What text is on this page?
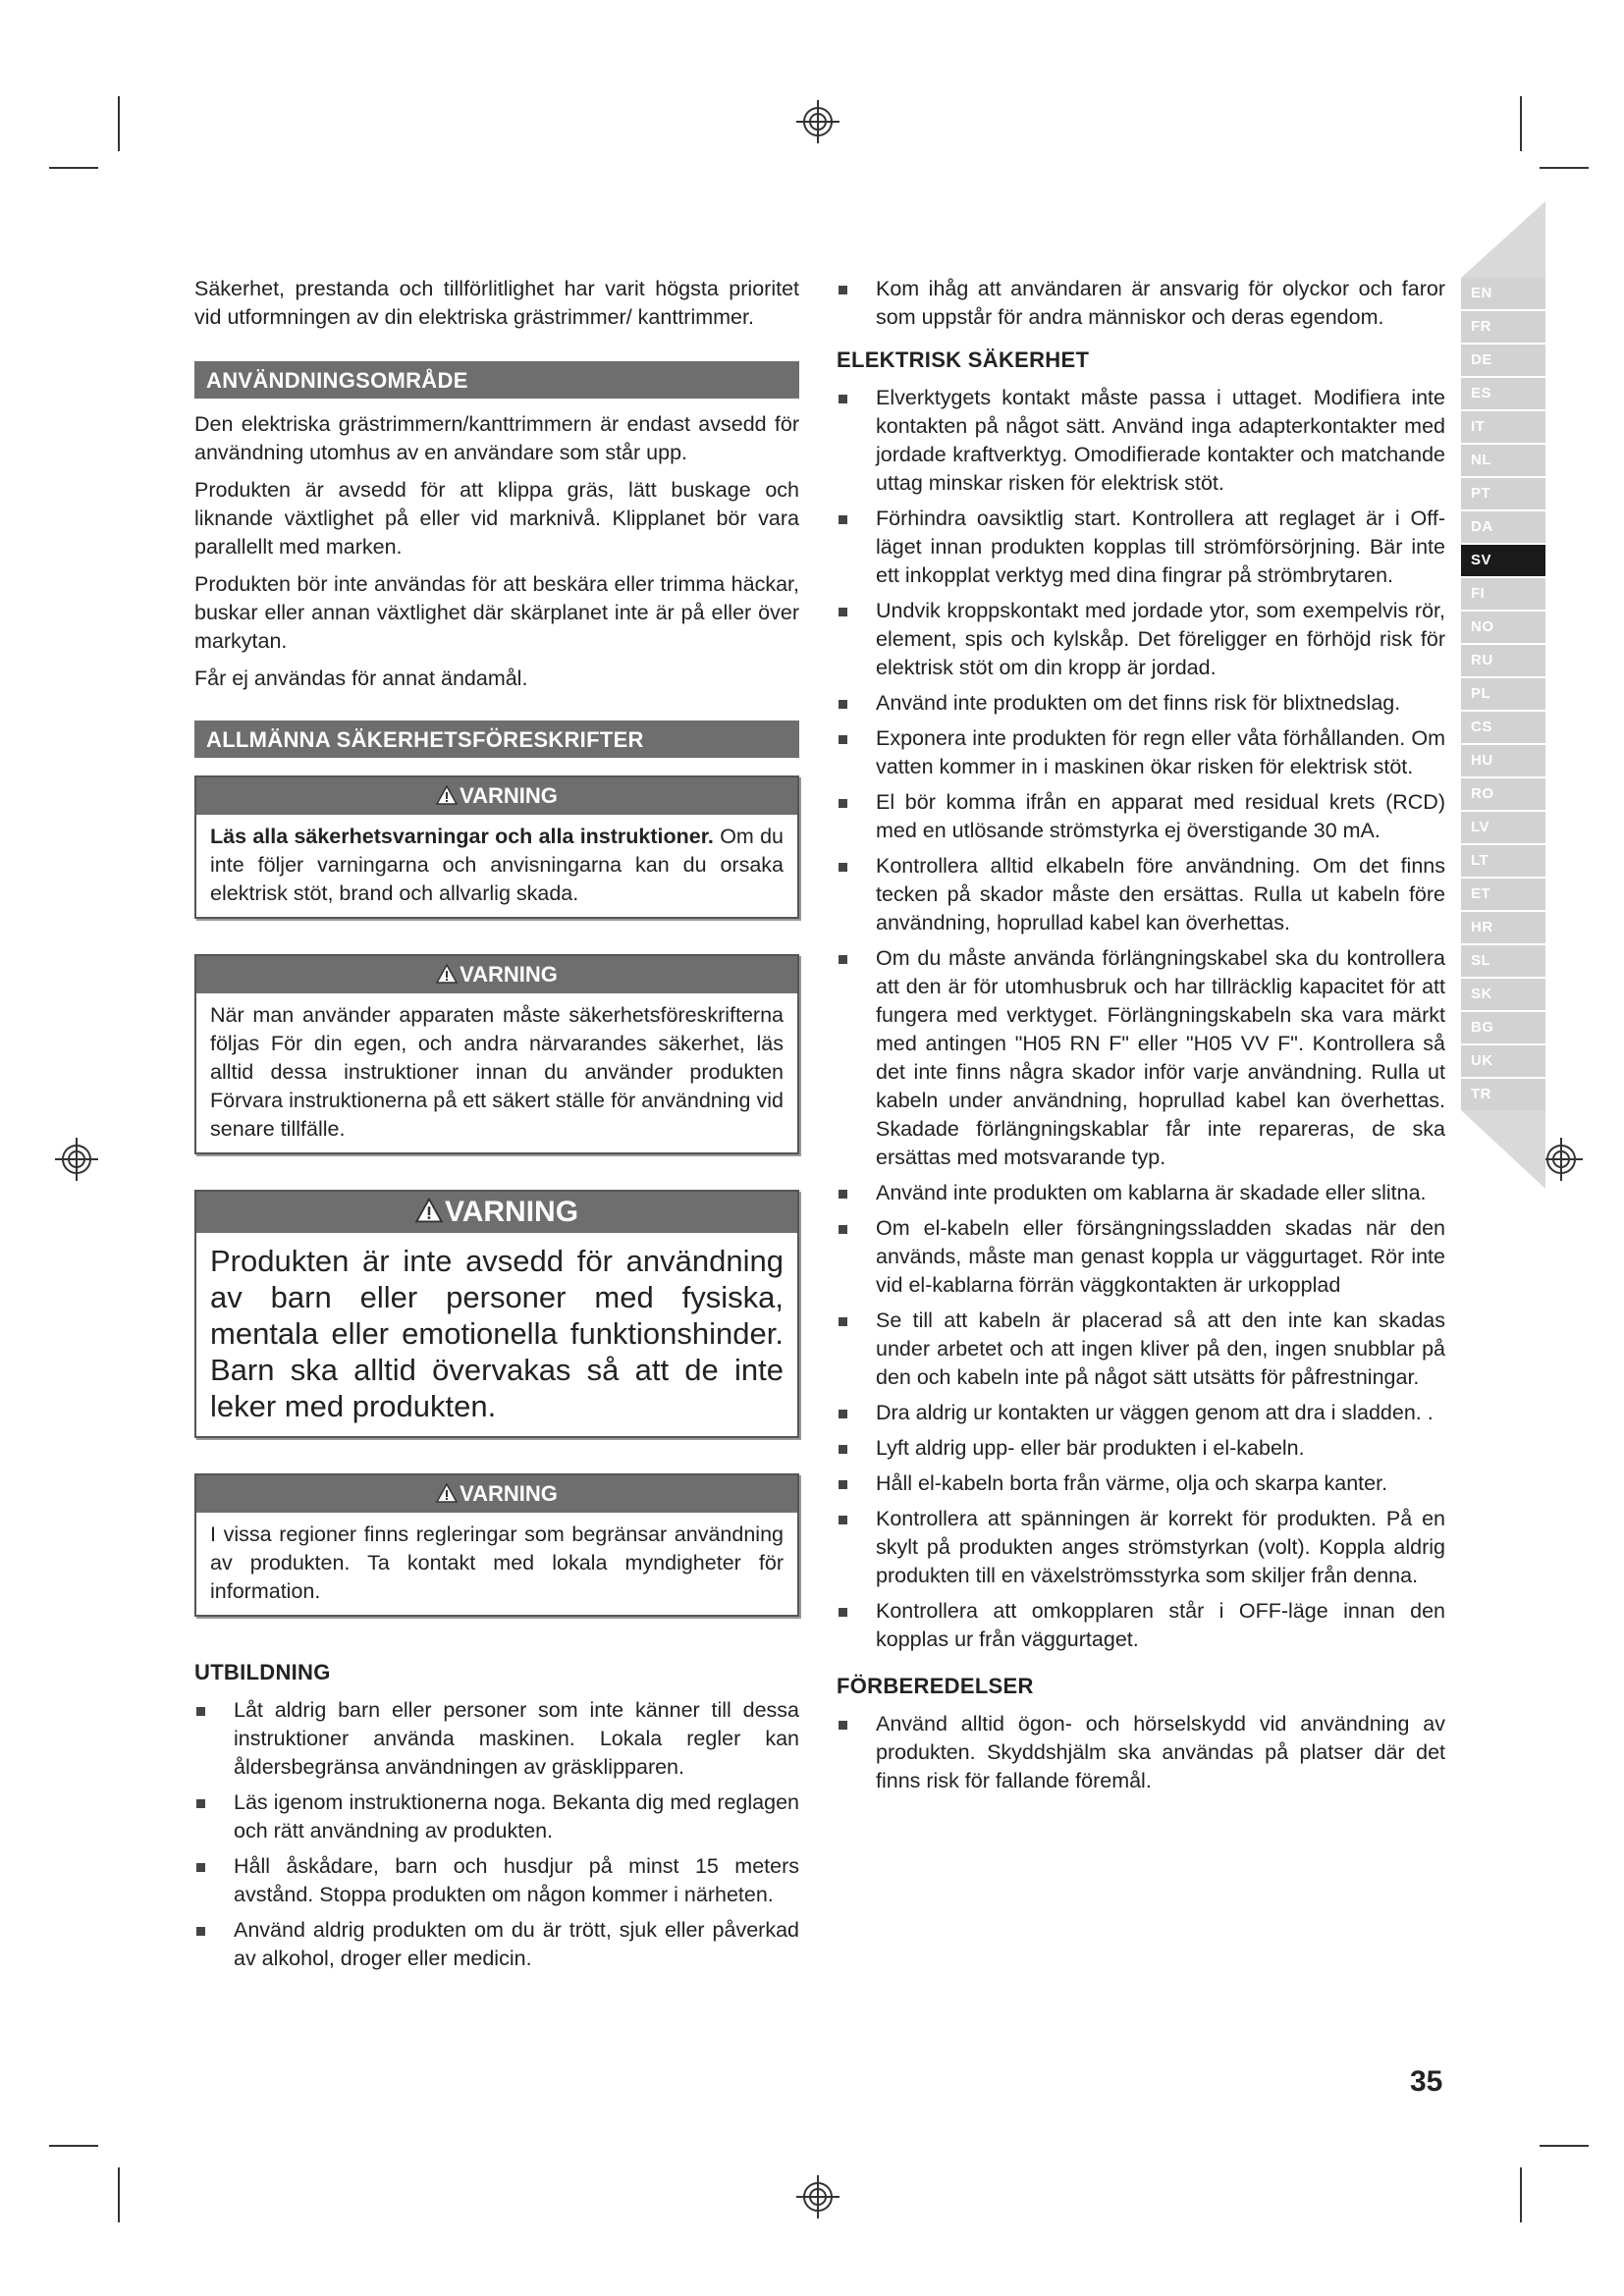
EN
FR
DE
ES
IT
NL
PT
DA
SV
FI
NO
RU
PL
CS
HU
RO
LV
LT
ET
HR
SL
SK
BG
UK
TR

Säkerhet, prestanda och tillförlitlighet har varit högsta prioritet vid utformningen av din elektriska grästrimmer/ kanttrimmer.

ANVÄNDNINGSOMRÅDE

Den elektriska grästrimmern/kanttrimmern är endast avsedd för användning utomhus av en användare som står upp.

Produkten är avsedd för att klippa gräs, lätt buskage och liknande växtlighet på eller vid marknivå. Klipplanet bör vara parallellt med marken.

Produkten bör inte användas för att beskära eller trimma häckar, buskar eller annan växtlighet där skärplanet inte är på eller över markytan.

Får ej användas för annat ändamål.

ALLMÄNNA SÄKERHETSFÖRESKRIFTER
VARNING
Läs alla säkerhetsvarningar och alla instruktioner. Om du inte följer varningarna och anvisningarna kan du orsaka elektrisk stöt, brand och allvarlig skada.
VARNING
När man använder apparaten måste säkerhetsföreskrifterna följas För din egen, och andra närvarandes säkerhet, läs alltid dessa instruktioner innan du använder produkten Förvara instruktionerna på ett säkert ställe för användning vid senare tillfälle.
VARNING
Produkten är inte avsedd för användning av barn eller personer med fysiska, mentala eller emotionella funktionshinder. Barn ska alltid övervakas så att de inte leker med produkten.
VARNING
I vissa regioner finns regleringar som begränsar användning av produkten. Ta kontakt med lokala myndigheter för information.
UTBILDNING
Låt aldrig barn eller personer som inte känner till dessa instruktioner använda maskinen. Lokala regler kan åldersbegränsa användningen av gräsklipparen.
Läs igenom instruktionerna noga. Bekanta dig med reglagen och rätt användning av produkten.
Håll åskådare, barn och husdjur på minst 15 meters avstånd. Stoppa produkten om någon kommer i närheten.
Använd aldrig produkten om du är trött, sjuk eller påverkad av alkohol, droger eller medicin.
Kom ihåg att användaren är ansvarig för olyckor och faror som uppstår för andra människor och deras egendom.
ELEKTRISK SÄKERHET
Elverktygets kontakt måste passa i uttaget. Modifiera inte kontakten på något sätt. Använd inga adapterkontakter med jordade kraftverktyg. Omodifierade kontakter och matchande uttag minskar risken för elektrisk stöt.
Förhindra oavsiktlig start. Kontrollera att reglaget är i Off-läget innan produkten kopplas till strömförsörjning. Bär inte ett inkopplat verktyg med dina fingrar på strömbrytaren.
Undvik kroppskontakt med jordade ytor, som exempelvis rör, element, spis och kylskåp. Det föreligger en förhöjd risk för elektrisk stöt om din kropp är jordad.
Använd inte produkten om det finns risk för blixtnedslag.
Exponera inte produkten för regn eller våta förhållanden. Om vatten kommer in i maskinen ökar risken för elektrisk stöt.
El bör komma ifrån en apparat med residual krets (RCD) med en utlösande strömstyrka ej överstigande 30 mA.
Kontrollera alltid elkabeln före användning. Om det finns tecken på skador måste den ersättas. Rulla ut kabeln före användning, hoprullad kabel kan överhettas.
Om du måste använda förlängningskabel ska du kontrollera att den är för utomhusbruk och har tillräcklig kapacitet för att fungera med verktyget. Förlängningskabeln ska vara märkt med antingen "H05 RN F" eller "H05 VV F". Kontrollera så det inte finns några skador inför varje användning. Rulla ut kabeln under användning, hoprullad kabel kan överhettas. Skadade förlängningskablar får inte repareras, de ska ersättas med motsvarande typ.
Använd inte produkten om kablarna är skadade eller slitna.
Om el-kabeln eller försängningssladden skadas när den används, måste man genast koppla ur väggurtaget. Rör inte vid el-kablarna förrän väggkontakten är urkopplad
Se till att kabeln är placerad så att den inte kan skadas under arbetet och att ingen kliver på den, ingen snubblar på den och kabeln inte på något sätt utsätts för påfrestningar.
Dra aldrig ur kontakten ur väggen genom att dra i sladden. .
Lyft aldrig upp- eller bär produkten i el-kabeln.
Håll el-kabeln borta från värme, olja och skarpa kanter.
Kontrollera att spänningen är korrekt för produkten. På en skylt på produkten anges strömstyrkan (volt). Koppla aldrig produkten till en växelströmsstyrka som skiljer från denna.
Kontrollera att omkopplaren står i OFF-läge innan den kopplas ur från väggurtaget.
FÖRBEREDELSER
Använd alltid ögon- och hörselskydd vid användning av produkten. Skyddshjälm ska användas på platser där det finns risk för fallande föremål.
35
